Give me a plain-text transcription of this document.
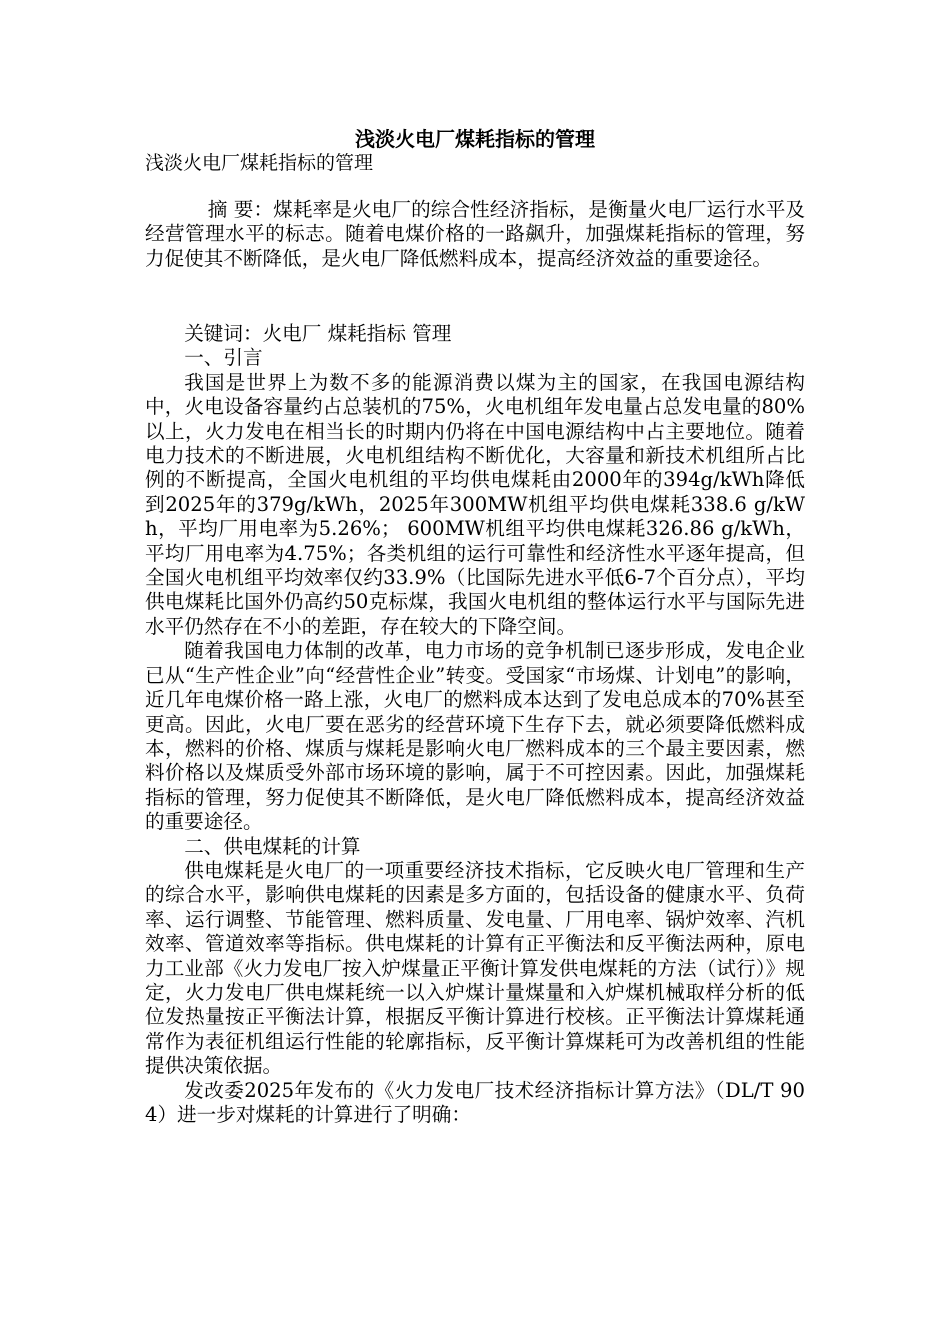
浅淡火电厂煤耗指标的管理
浅淡火电厂煤耗指标的管理

摘 要：煤耗率是火电厂的综合性经济指标，是衡量火电厂运行水平及经营管理水平的标志。随着电煤价格的一路飙升，加强煤耗指标的管理，努力促使其不断降低，是火电厂降低燃料成本，提高经济效益的重要途径。

关键词：火电厂 煤耗指标 管理

一、引言

我国是世界上为数不多的能源消费以煤为主的国家，在我国电源结构中，火电设备容量约占总装机的75%，火电机组年发电量占总发电量的80%以上，火力发电在相当长的时期内仍将在中国电源结构中占主要地位。随着电力技术的不断进展，火电机组结构不断优化，大容量和新技术机组所占比例的不断提高，全国火电机组的平均供电煤耗由2000年的394g/kWh降低到2025年的379g/kWh，2025年300MW机组平均供电煤耗338.6 g/kWh，平均厂用电率为5.26%； 600MW机组平均供电煤耗326.86 g/kWh，平均厂用电率为4.75%；各类机组的运行可靠性和经济性水平逐年提高，但全国火电机组平均效率仅约33.9%（比国际先进水平低6-7个百分点），平均供电煤耗比国外仍高约50克标煤，我国火电机组的整体运行水平与国际先进水平仍然存在不小的差距，存在较大的下降空间。

随着我国电力体制的改革，电力市场的竞争机制已逐步形成，发电企业已从“生产性企业”向“经营性企业”转变。受国家“市场煤、计划电”的影响，近几年电煤价格一路上涨，火电厂的燃料成本达到了发电总成本的70%甚至更高。因此，火电厂要在恶劣的经营环境下生存下去，就必须要降低燃料成本，燃料的价格、煤质与煤耗是影响火电厂燃料成本的三个最主要因素，燃料价格以及煤质受外部市场环境的影响，属于不可控因素。因此，加强煤耗指标的管理，努力促使其不断降低，是火电厂降低燃料成本，提高经济效益的重要途径。

二、供电煤耗的计算

供电煤耗是火电厂的一项重要经济技术指标，它反映火电厂管理和生产的综合水平，影响供电煤耗的因素是多方面的，包括设备的健康水平、负荷率、运行调整、节能管理、燃料质量、发电量、厂用电率、锅炉效率、汽机效率、管道效率等指标。供电煤耗的计算有正平衡法和反平衡法两种，原电力工业部《火力发电厂按入炉煤量正平衡计算发供电煤耗的方法（试行）》规定，火力发电厂供电煤耗统一以入炉煤计量煤量和入炉煤机械取样分析的低位发热量按正平衡法计算，根据反平衡计算进行校核。正平衡法计算煤耗通常作为表征机组运行性能的轮廓指标，反平衡计算煤耗可为改善机组的性能提供决策依据。

发改委2025年发布的《火力发电厂技术经济指标计算方法》（DL/T 904）进一步对煤耗的计算进行了明确：
